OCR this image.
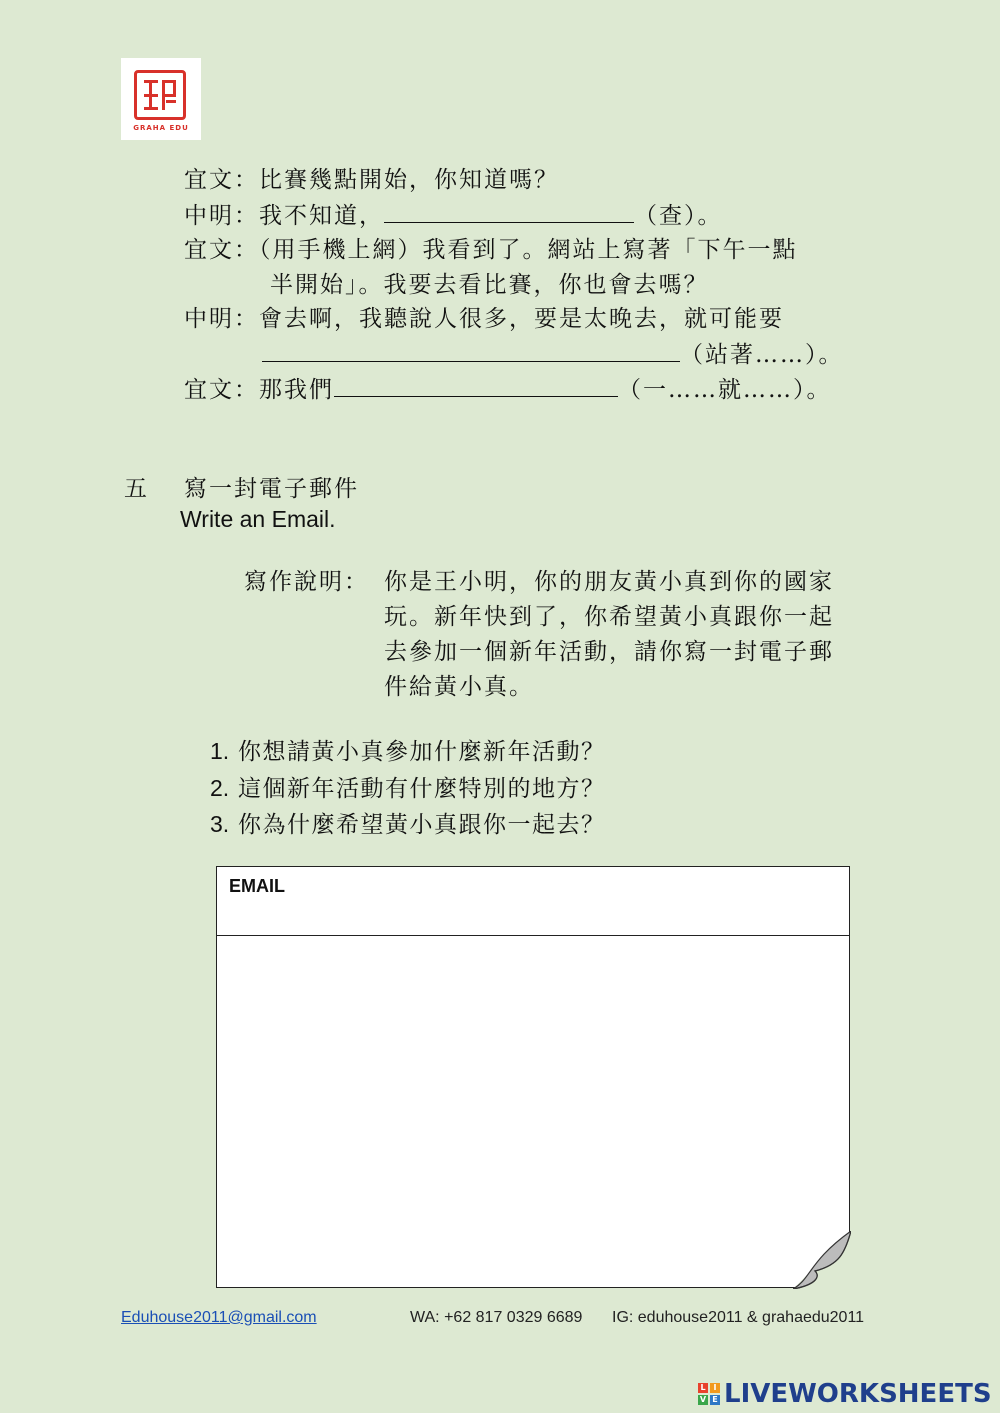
GRAHA EDU
宜文：比賽幾點開始，你知道嗎？
中明：我不知道，	（查）。
宜文：（用手機上網）我看到了。網站上寫著「下午一點
半開始」。我要去看比賽，你也會去嗎？
中明：會去啊，我聽說人很多，要是太晚去，就可能要
（站著……）。
宜文：那我們	（一……就……）。
五 寫一封電子郵件
Write an Email.
寫作說明： 你是王小明，你的朋友黃小真到你的國家
玩。新年快到了，你希望黃小真跟你一起
去參加一個新年活動，請你寫一封電子郵
件給黃小真。
1. 你想請黃小真參加什麼新年活動？
2. 這個新年活動有什麼特別的地方？
3. 你為什麼希望黃小真跟你一起去？
EMAIL
Eduhouse2011@gmail.com	WA: +62 817 0329 6689 IG: eduhouse2011 & grahaedu2011
L I
V E LIVEWORKSHEETS
